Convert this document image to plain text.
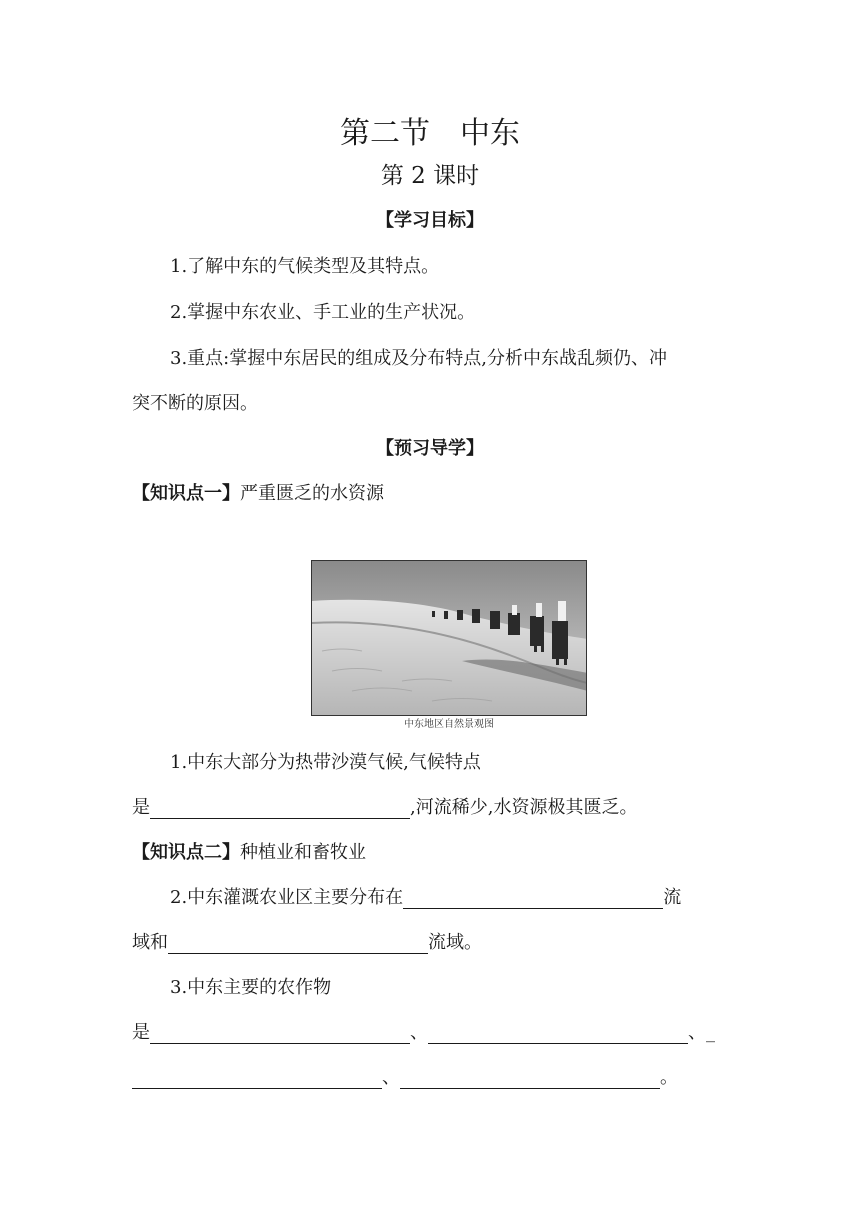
第二节　中东
第 2 课时
【学习目标】
1.了解中东的气候类型及其特点。
2.掌握中东农业、手工业的生产状况。
3.重点:掌握中东居民的组成及分布特点,分析中东战乱频仍、冲
突不断的原因。
【预习导学】
【知识点一】严重匮乏的水资源
中东地区自然景观图
1.中东大部分为热带沙漠气候,气候特点
是	,河流稀少,水资源极其匮乏。
【知识点二】种植业和畜牧业
2.中东灌溉农业区主要分布在	流
域和	流域。
3.中东主要的农作物
是	、	、_
、	。
